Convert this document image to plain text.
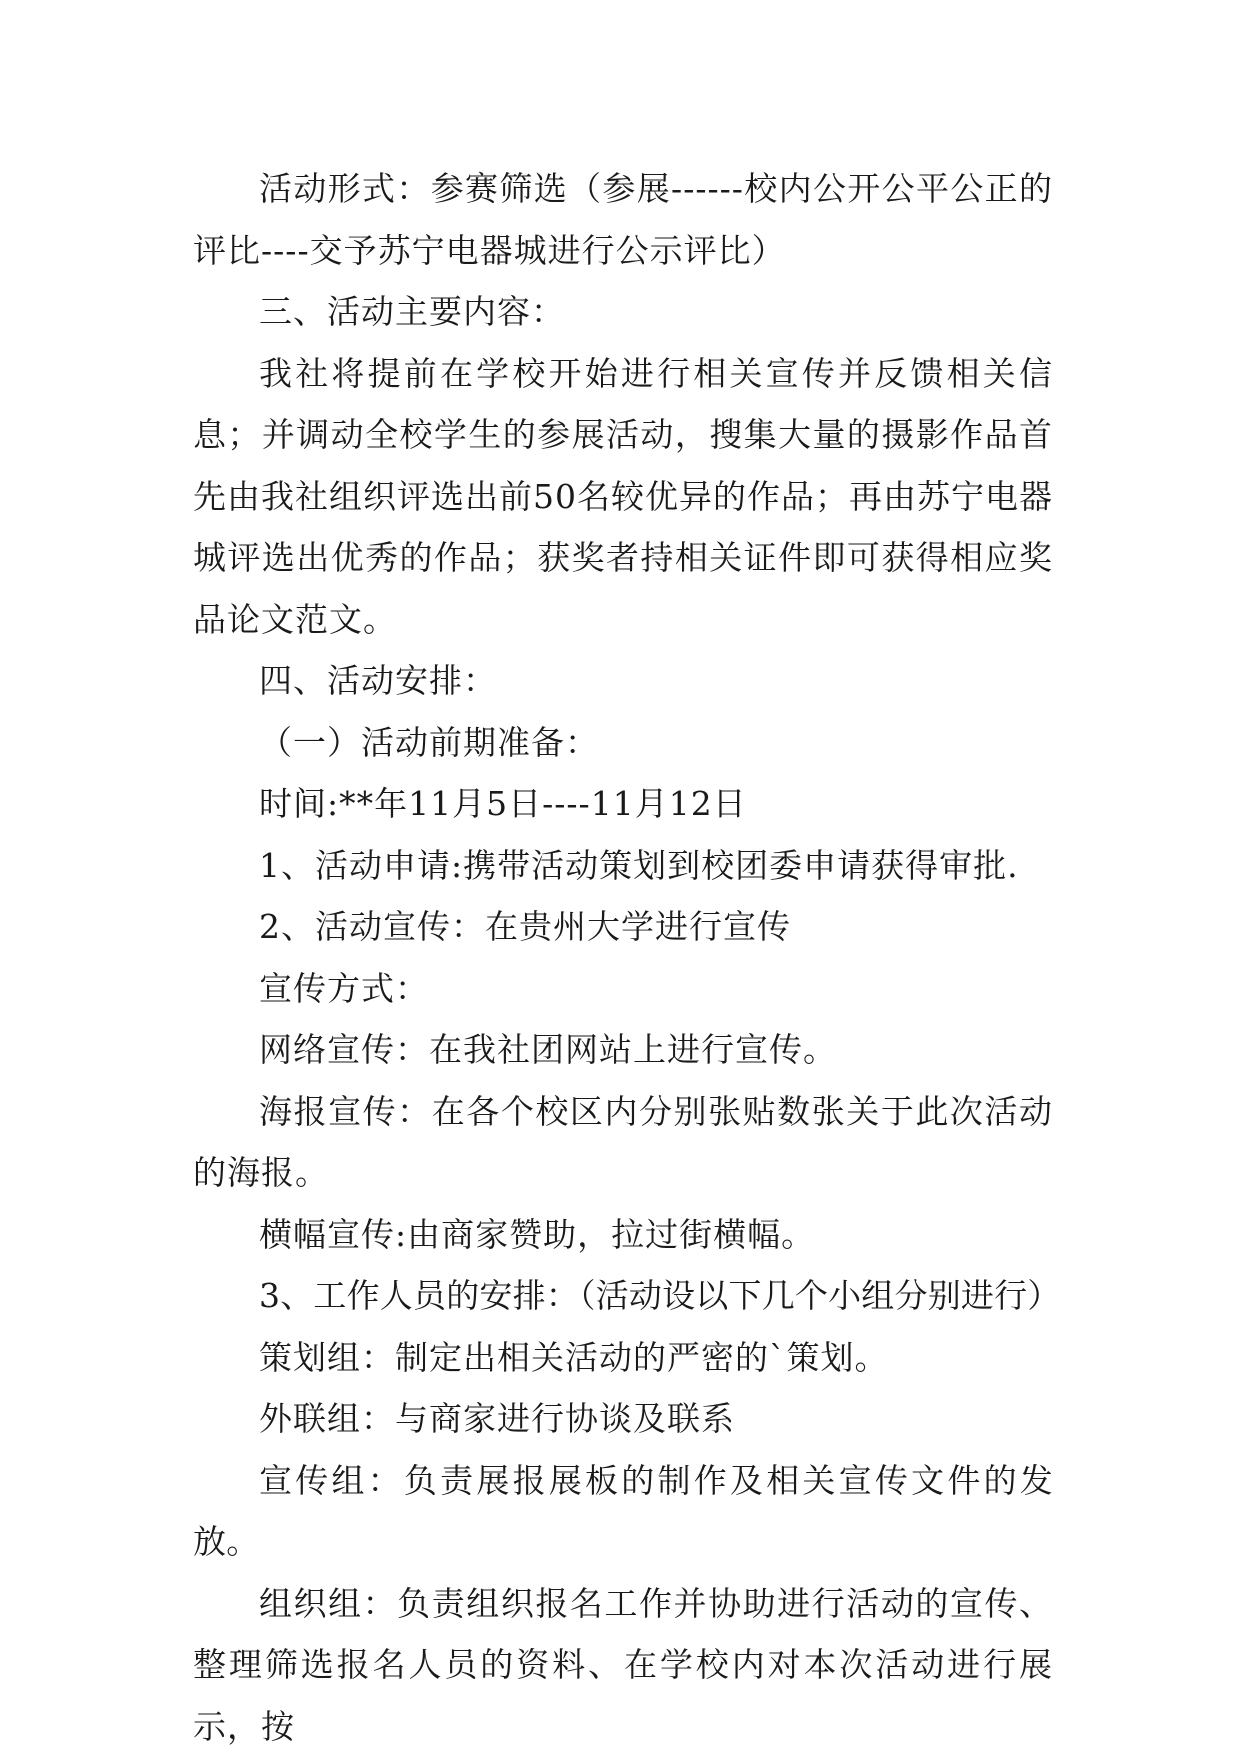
活动形式：参赛筛选（参展------校内公开公平公正的评比----交予苏宁电器城进行公示评比）

三、活动主要内容：

我社将提前在学校开始进行相关宣传并反馈相关信息；并调动全校学生的参展活动，搜集大量的摄影作品首先由我社组织评选出前50名较优异的作品；再由苏宁电器城评选出优秀的作品；获奖者持相关证件即可获得相应奖品论文范文。

四、活动安排：

（一）活动前期准备：

时间:**年11月5日----11月12日

1、活动申请:携带活动策划到校团委申请获得审批.

2、活动宣传：在贵州大学进行宣传

宣传方式：

网络宣传：在我社团网站上进行宣传。

海报宣传：在各个校区内分别张贴数张关于此次活动的海报。

横幅宣传:由商家赞助，拉过街横幅。

3、工作人员的安排：（活动设以下几个小组分别进行）

策划组：制定出相关活动的严密的`策划。

外联组：与商家进行协谈及联系

宣传组：负责展报展板的制作及相关宣传文件的发放。

组织组：负责组织报名工作并协助进行活动的宣传、整理筛选报名人员的资料、在学校内对本次活动进行展示，按
